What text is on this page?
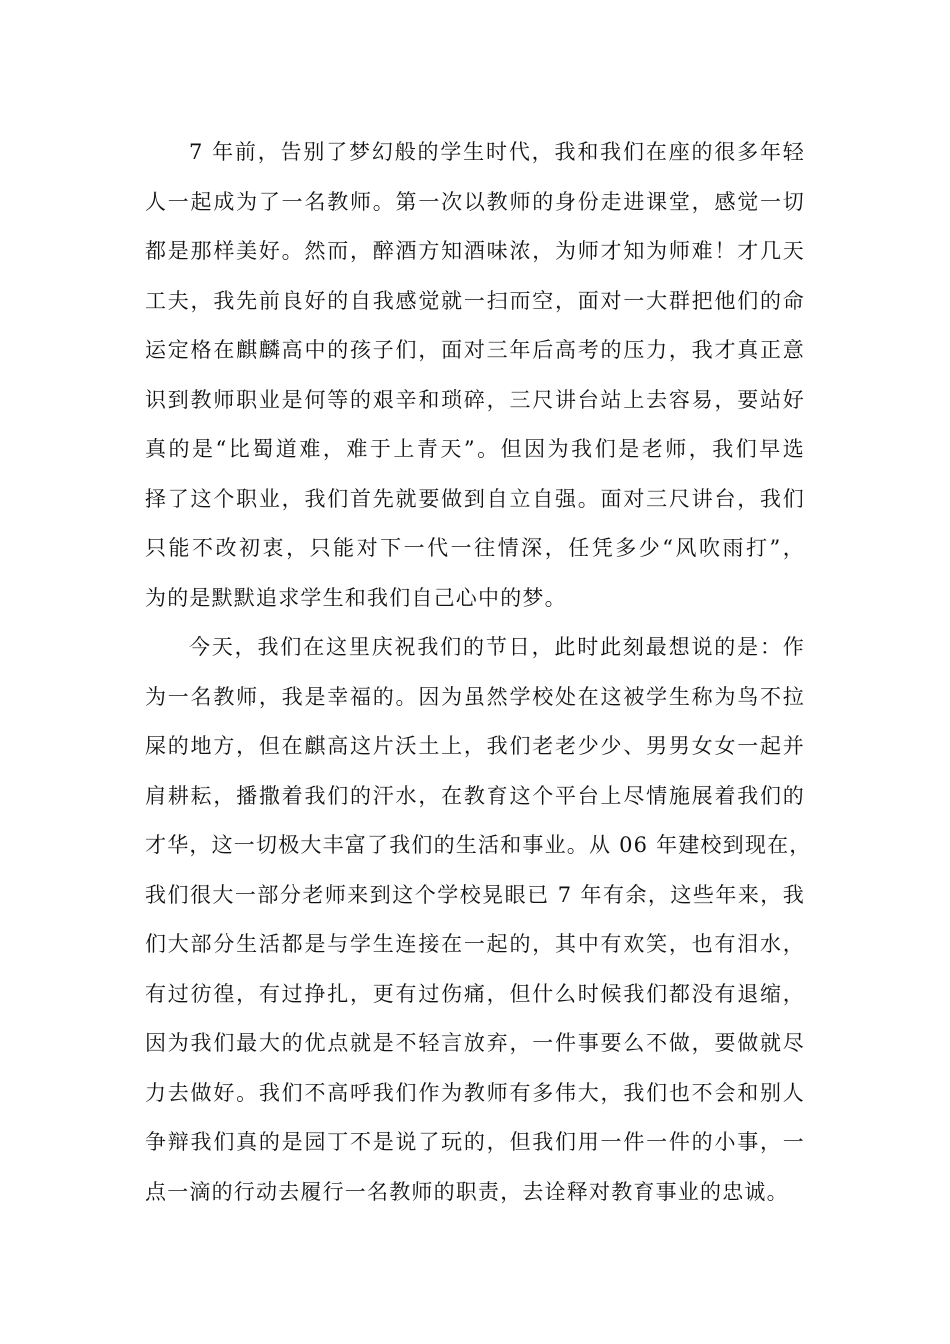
7 年前，告别了梦幻般的学生时代，我和我们在座的很多年轻
人一起成为了一名教师。第一次以教师的身份走进课堂，感觉一切
都是那样美好。然而，醉酒方知酒味浓，为师才知为师难！才几天
工夫，我先前良好的自我感觉就一扫而空，面对一大群把他们的命
运定格在麒麟高中的孩子们，面对三年后高考的压力，我才真正意
识到教师职业是何等的艰辛和琐碎，三尺讲台站上去容易，要站好
真的是“比蜀道难，难于上青天”。但因为我们是老师，我们早选
择了这个职业，我们首先就要做到自立自强。面对三尺讲台，我们
只能不改初衷，只能对下一代一往情深，任凭多少“风吹雨打”，
为的是默默追求学生和我们自己心中的梦。
今天，我们在这里庆祝我们的节日，此时此刻最想说的是：作
为一名教师，我是幸福的。因为虽然学校处在这被学生称为鸟不拉
屎的地方，但在麒高这片沃土上，我们老老少少、男男女女一起并
肩耕耘，播撒着我们的汗水，在教育这个平台上尽情施展着我们的
才华，这一切极大丰富了我们的生活和事业。从 06 年建校到现在，
我们很大一部分老师来到这个学校晃眼已 7 年有余，这些年来，我
们大部分生活都是与学生连接在一起的，其中有欢笑，也有泪水，
有过彷徨，有过挣扎，更有过伤痛，但什么时候我们都没有退缩，
因为我们最大的优点就是不轻言放弃，一件事要么不做，要做就尽
力去做好。我们不高呼我们作为教师有多伟大，我们也不会和别人
争辩我们真的是园丁不是说了玩的，但我们用一件一件的小事，一
点一滴的行动去履行一名教师的职责，去诠释对教育事业的忠诚。
